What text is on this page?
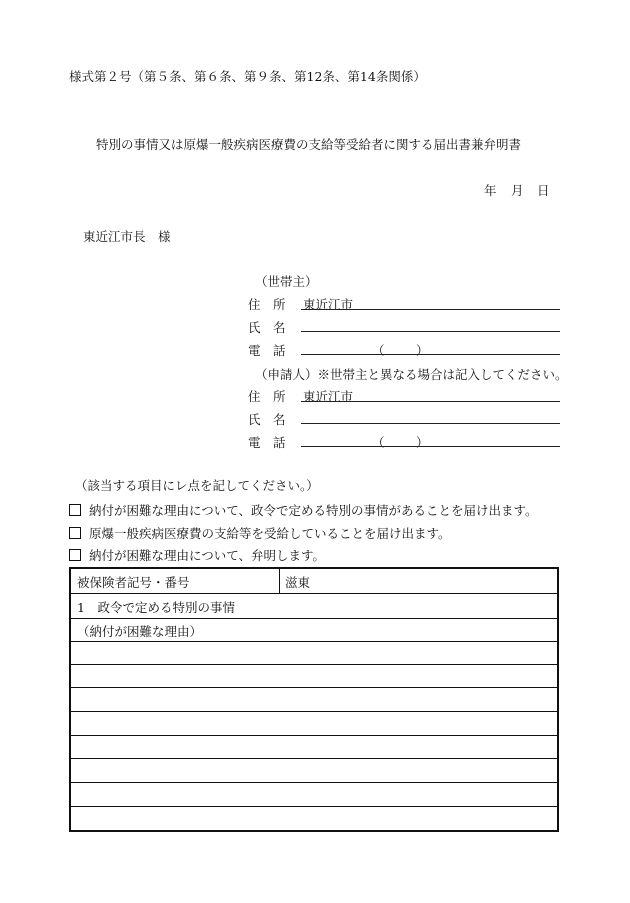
様式第２号（第５条、第６条、第９条、第12条、第14条関係）
特別の事情又は原爆一般疾病医療費の支給等受給者に関する届出書兼弁明書
年 月 日
東近江市長　様
（世帯主）
住　所 東近江市
氏　名
電　話	（	）
（申請人）※世帯主と異なる場合は記入してください。
住　所 東近江市
氏　名
電　話	（	）
（該当する項目にレ点を記してください。）
納付が困難な理由について、政令で定める特別の事情があることを届け出ます。
原爆一般疾病医療費の支給等を受給していることを届け出ます。
納付が困難な理由について、弁明します。
被保険者記号・番号	滋東
1　政令で定める特別の事情
（納付が困難な理由）
